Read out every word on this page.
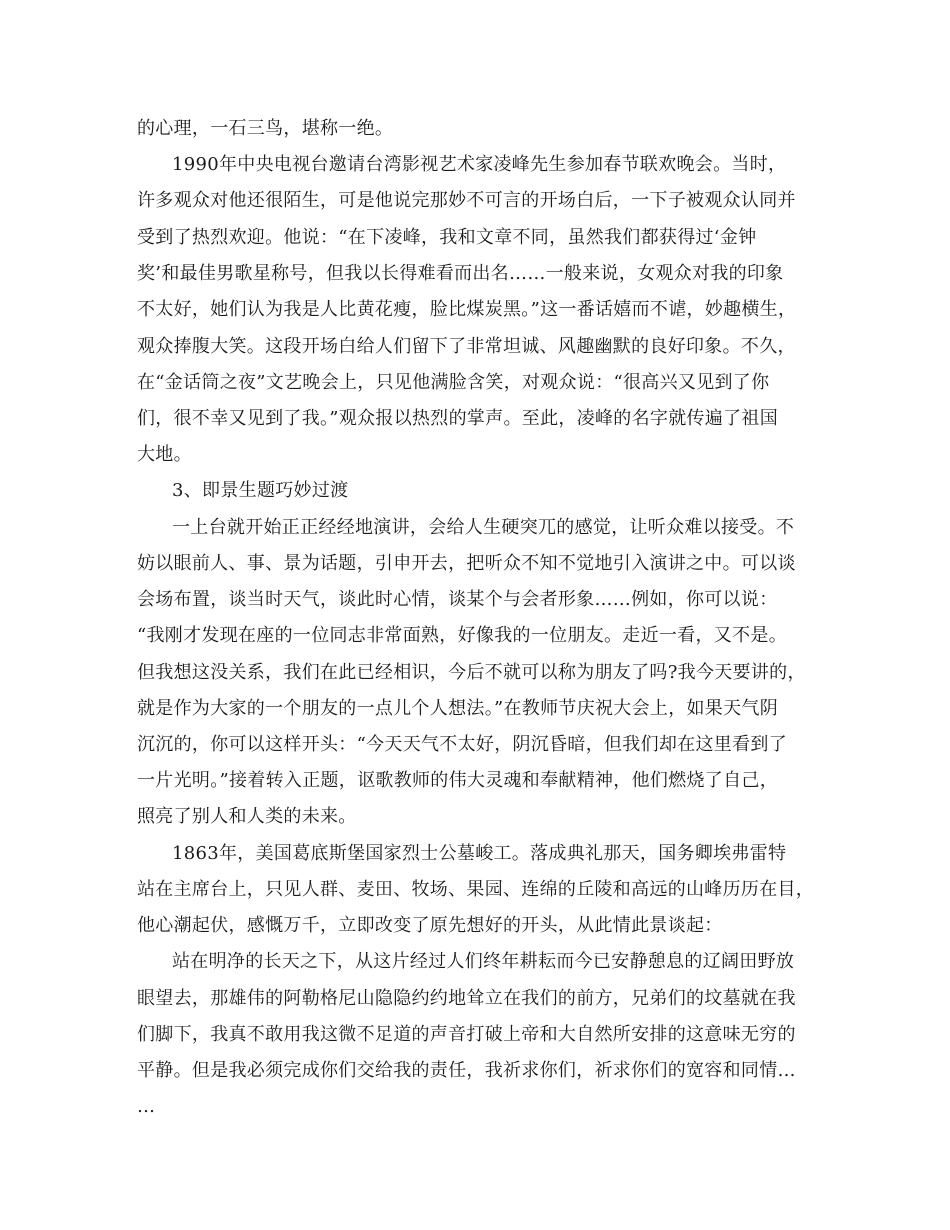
的心理，一石三鸟，堪称一绝。
1990年中央电视台邀请台湾影视艺术家凌峰先生参加春节联欢晚会。当时，
许多观众对他还很陌生，可是他说完那妙不可言的开场白后，一下子被观众认同并
受到了热烈欢迎。他说：“在下凌峰，我和文章不同，虽然我们都获得过‘金钟
奖’和最佳男歌星称号，但我以长得难看而出名……一般来说，女观众对我的印象
不太好，她们认为我是人比黄花瘦，脸比煤炭黑。”这一番话嬉而不谑，妙趣横生，
观众捧腹大笑。这段开场白给人们留下了非常坦诚、风趣幽默的良好印象。不久，
在“金话筒之夜”文艺晚会上，只见他满脸含笑，对观众说：“很高兴又见到了你
们，很不幸又见到了我。”观众报以热烈的掌声。至此，凌峰的名字就传遍了祖国
大地。
3、即景生题巧妙过渡
一上台就开始正正经经地演讲，会给人生硬突兀的感觉，让听众难以接受。不
妨以眼前人、事、景为话题，引申开去，把听众不知不觉地引入演讲之中。可以谈
会场布置，谈当时天气，谈此时心情，谈某个与会者形象……例如，你可以说：
“我刚才发现在座的一位同志非常面熟，好像我的一位朋友。走近一看，又不是。
但我想这没关系，我们在此已经相识，今后不就可以称为朋友了吗?我今天要讲的，
就是作为大家的一个朋友的一点儿个人想法。”在教师节庆祝大会上，如果天气阴
沉沉的，你可以这样开头：“今天天气不太好，阴沉昏暗，但我们却在这里看到了
一片光明。”接着转入正题，讴歌教师的伟大灵魂和奉献精神，他们燃烧了自己，
照亮了别人和人类的未来。
1863年，美国葛底斯堡国家烈士公墓峻工。落成典礼那天，国务卿埃弗雷特
站在主席台上，只见人群、麦田、牧场、果园、连绵的丘陵和高远的山峰历历在目，
他心潮起伏，感慨万千，立即改变了原先想好的开头，从此情此景谈起：
站在明净的长天之下，从这片经过人们终年耕耘而今已安静憩息的辽阔田野放
眼望去，那雄伟的阿勒格尼山隐隐约约地耸立在我们的前方，兄弟们的坟墓就在我
们脚下，我真不敢用我这微不足道的声音打破上帝和大自然所安排的这意味无穷的
平静。但是我必须完成你们交给我的责任，我祈求你们，祈求你们的宽容和同情…
…
